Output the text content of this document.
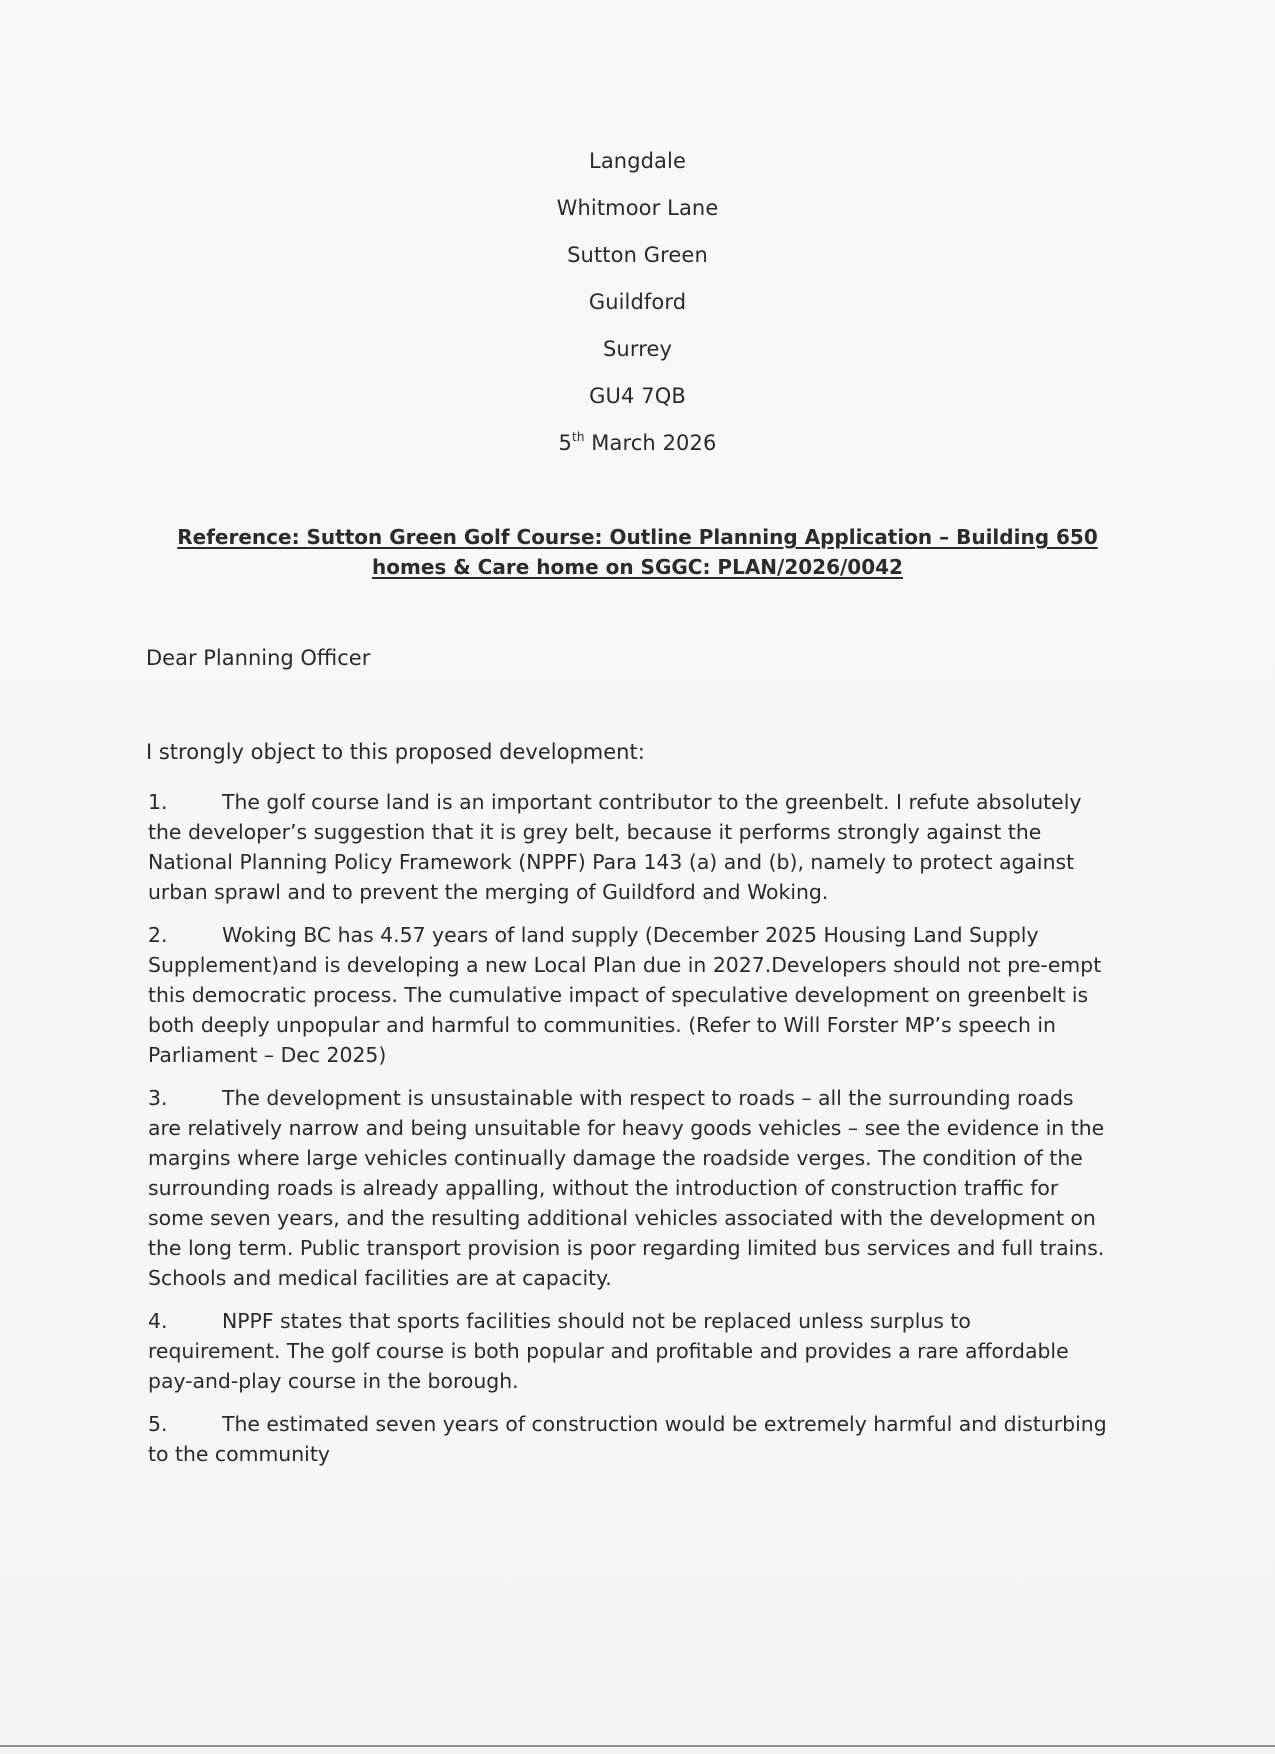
Langdale
Whitmoor Lane
Sutton Green
Guildford
Surrey
GU4 7QB
5th March 2026
Reference: Sutton Green Golf Course: Outline Planning Application – Building 650 homes & Care home on SGGC: PLAN/2026/0042
Dear Planning Officer
I strongly object to this proposed development:
1.	The golf course land is an important contributor to the greenbelt. I refute absolutely the developer’s suggestion that it is grey belt, because it performs strongly against the National Planning Policy Framework (NPPF) Para 143 (a) and (b), namely to protect against urban sprawl and to prevent the merging of Guildford and Woking.
2.	Woking BC has 4.57 years of land supply (December 2025 Housing Land Supply Supplement)and is developing a new Local Plan due in 2027.Developers should not pre-empt this democratic process. The cumulative impact of speculative development on greenbelt is both deeply unpopular and harmful to communities. (Refer to Will Forster MP’s speech in Parliament – Dec 2025)
3.	The development is unsustainable with respect to roads – all the surrounding roads are relatively narrow and being unsuitable for heavy goods vehicles – see the evidence in the margins where large vehicles continually damage the roadside verges. The condition of the surrounding roads is already appalling, without the introduction of construction traffic for some seven years, and the resulting additional vehicles associated with the development on the long term. Public transport provision is poor regarding limited bus services and full trains. Schools and medical facilities are at capacity.
4.	NPPF states that sports facilities should not be replaced unless surplus to requirement. The golf course is both popular and profitable and provides a rare affordable pay-and-play course in the borough.
5.	The estimated seven years of construction would be extremely harmful and disturbing to the community
